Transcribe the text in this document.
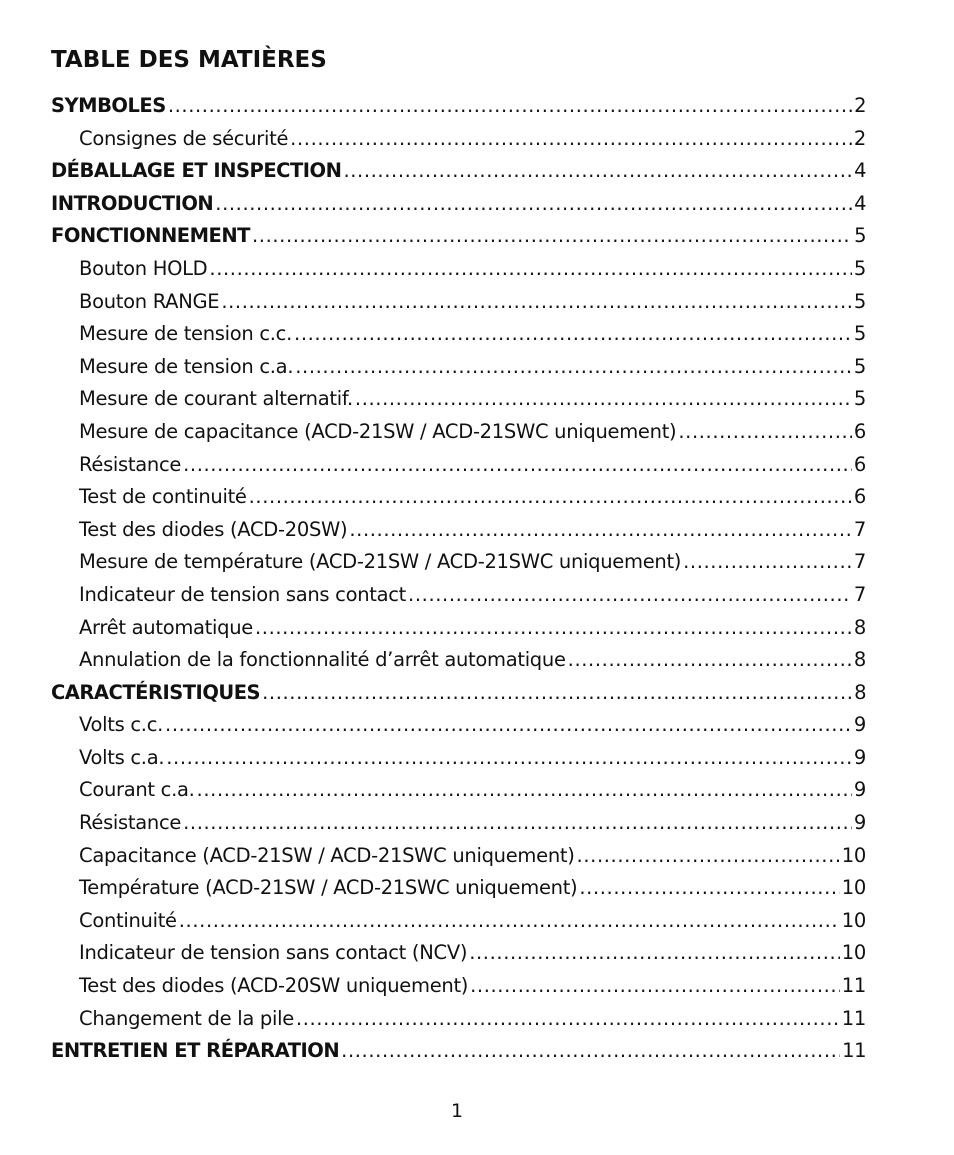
TABLE DES MATIÈRES
SYMBOLES .....	2
Consignes de sécurité .....	2
DÉBALLAGE ET INSPECTION .....	4
INTRODUCTION .....	4
FONCTIONNEMENT .....	5
Bouton HOLD .....	5
Bouton RANGE .....	5
Mesure de tension c.c. .....	5
Mesure de tension c.a. .....	5
Mesure de courant alternatif. .....	5
Mesure de capacitance (ACD-21SW / ACD-21SWC uniquement) .....	6
Résistance .....	6
Test de continuité .....	6
Test des diodes (ACD-20SW) .....	7
Mesure de température (ACD-21SW / ACD-21SWC uniquement) .....	7
Indicateur de tension sans contact .....	7
Arrêt automatique .....	8
Annulation de la fonctionnalité d’arrêt automatique .....	8
CARACTÉRISTIQUES .....	8
Volts c.c. .....	9
Volts c.a. .....	9
Courant c.a. .....	9
Résistance .....	9
Capacitance (ACD-21SW / ACD-21SWC uniquement) .....	10
Température (ACD-21SW / ACD-21SWC uniquement) .....	10
Continuité .....	10
Indicateur de tension sans contact (NCV) .....	10
Test des diodes (ACD-20SW uniquement) .....	11
Changement de la pile .....	11
ENTRETIEN ET RÉPARATION .....	11
1
